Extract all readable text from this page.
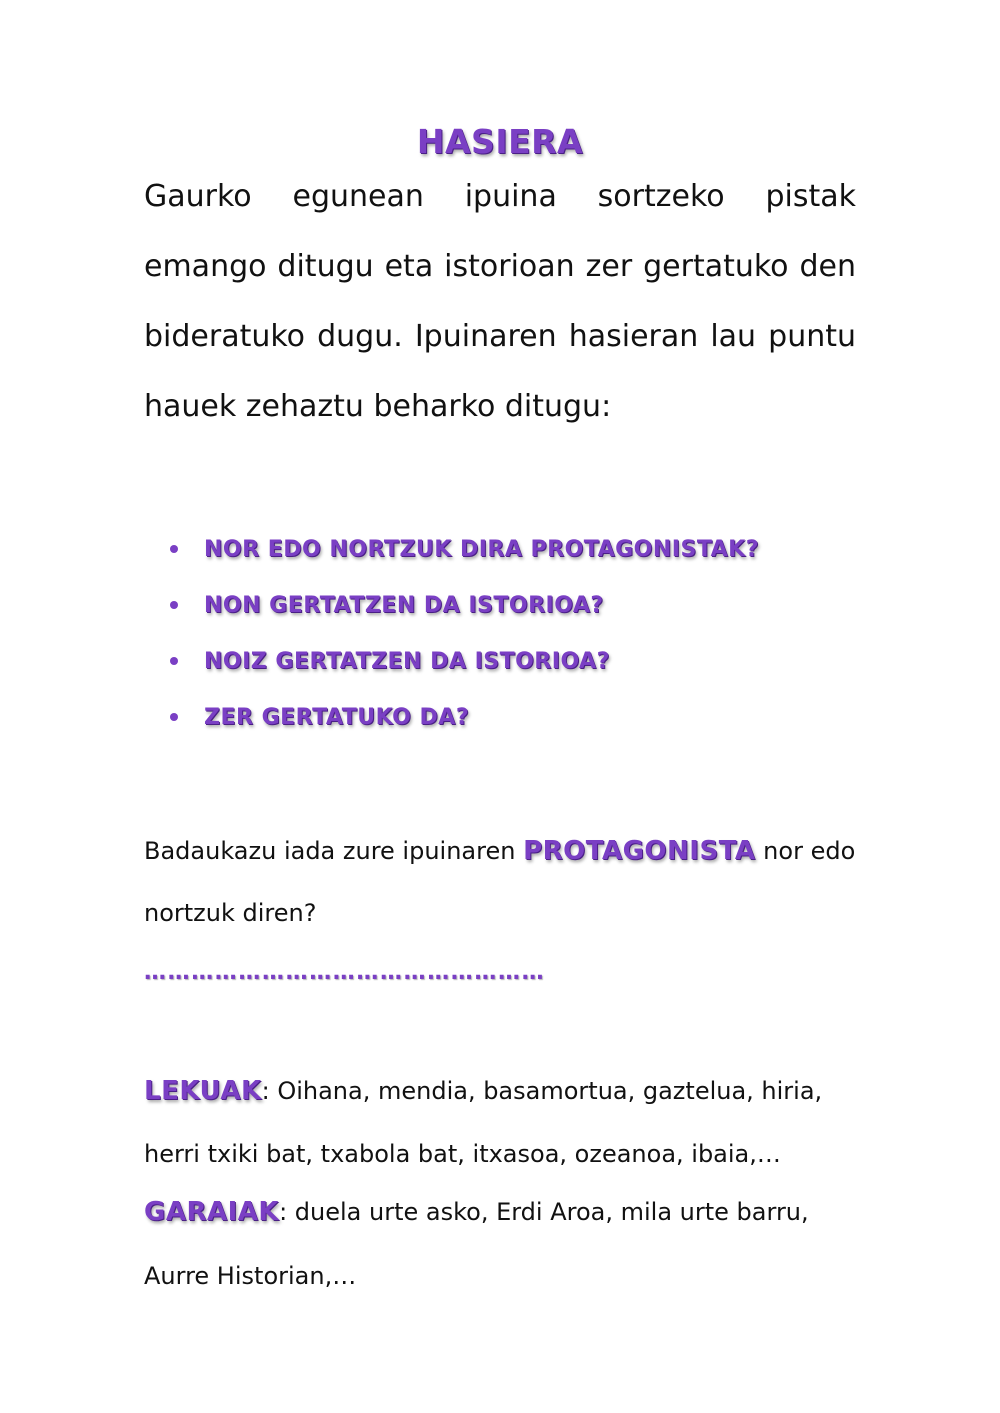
HASIERA

Gaurko egunean ipuina sortzeko pistak emango ditugu eta istorioan zer gertatuko den bideratuko dugu. Ipuinaren hasieran lau puntu hauek zehaztu beharko ditugu:

NOR EDO NORTZUK DIRA PROTAGONISTAK?
NON GERTATZEN DA ISTORIOA?
NOIZ GERTATZEN DA ISTORIOA?
ZER GERTATUKO DA?

Badaukazu iada zure ipuinaren PROTAGONISTA nor edo

nortzuk diren?

……………………………………………

LEKUAK: Oihana, mendia, basamortua, gaztelua, hiria,

herri txiki bat, txabola bat, itxasoa, ozeanoa, ibaia,…

GARAIAK: duela urte asko, Erdi Aroa, mila urte barru,

Aurre Historian,…
